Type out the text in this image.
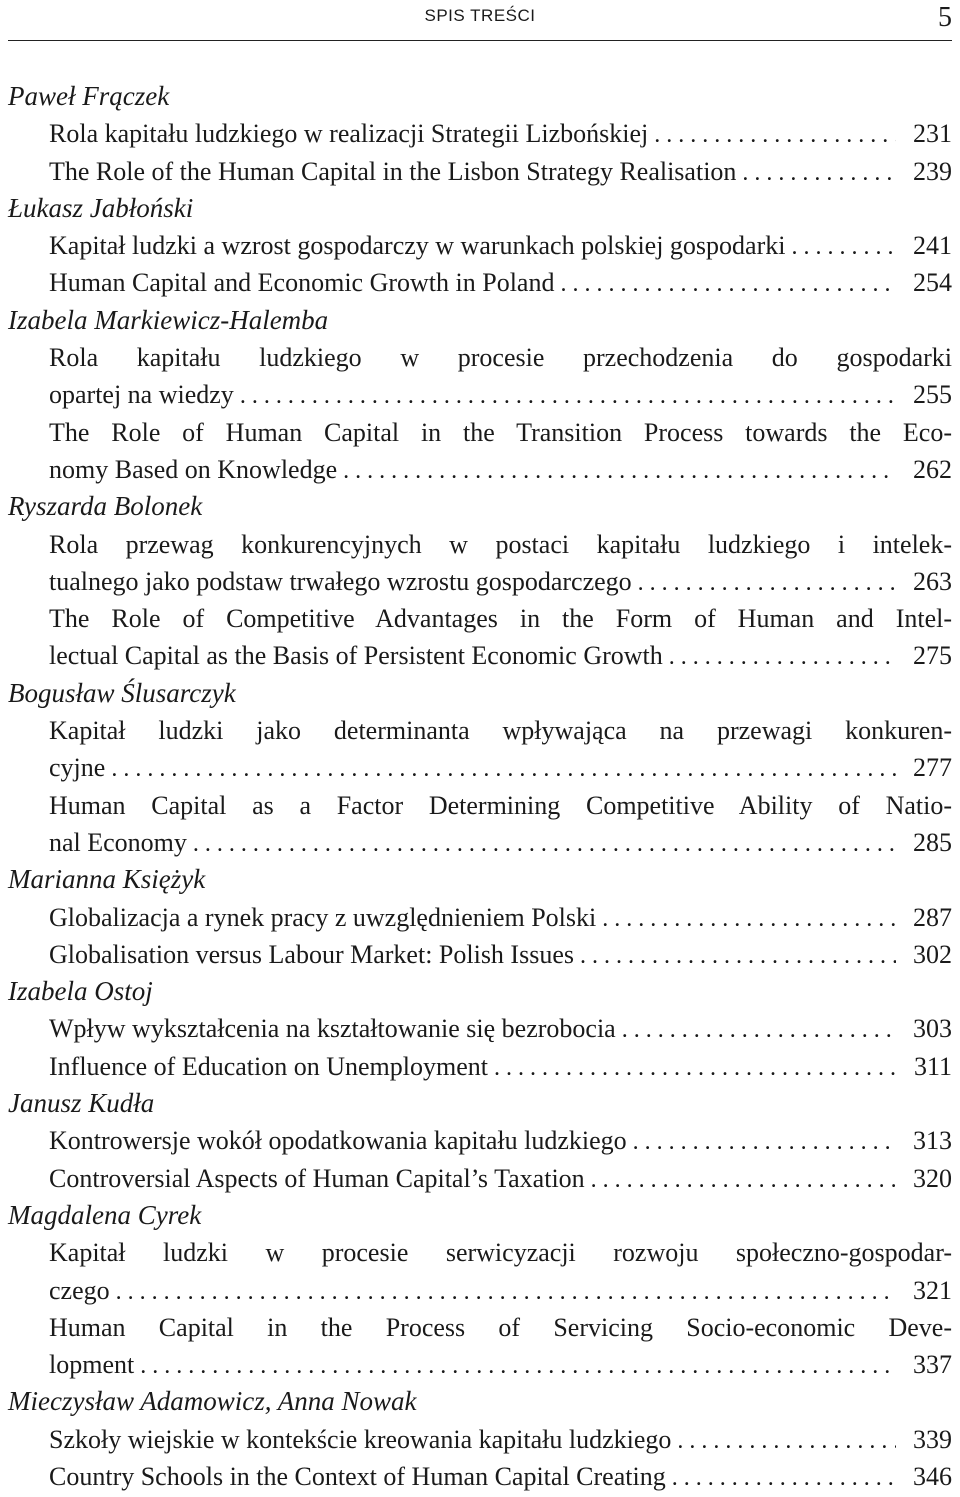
SPIS TREŚCI	5
Paweł Frączek
Rola kapitału ludzkiego w realizacji Strategii Lizbońskiej . . .	231
The Role of the Human Capital in the Lisbon Strategy Realisation . . .	239
Łukasz Jabłoński
Kapitał ludzki a wzrost gospodarczy w warunkach polskiej gospodarki . . .	241
Human Capital and Economic Growth in Poland . . .	254
Izabela Markiewicz-Halemba
Rola kapitału ludzkiego w procesie przechodzenia do gospodarki
opartej na wiedzy . . .	255
The Role of Human Capital in the Transition Process towards the Eco-
nomy Based on Knowledge . . .	262
Ryszarda Bolonek
Rola przewag konkurencyjnych w postaci kapitału ludzkiego i intelek-
tualnego jako podstaw trwałego wzrostu gospodarczego . . .	263
The Role of Competitive Advantages in the Form of Human and Intel-
lectual Capital as the Basis of Persistent Economic Growth . . .	275
Bogusław Ślusarczyk
Kapitał ludzki jako determinanta wpływająca na przewagi konkuren-
cyjne . . .	277
Human Capital as a Factor Determining Competitive Ability of Natio-
nal Economy . . .	285
Marianna Księżyk
Globalizacja a rynek pracy z uwzględnieniem Polski . . .	287
Globalisation versus Labour Market: Polish Issues . . .	302
Izabela Ostoj
Wpływ wykształcenia na kształtowanie się bezrobocia . . .	303
Influence of Education on Unemployment . . .	311
Janusz Kudła
Kontrowersje wokół opodatkowania kapitału ludzkiego . . .	313
Controversial Aspects of Human Capital’s Taxation . . .	320
Magdalena Cyrek
Kapitał ludzki w procesie serwicyzacji rozwoju społeczno-gospodar-
czego . . .	321
Human Capital in the Process of Servicing Socio-economic Deve-
lopment . . .	337
Mieczysław Adamowicz, Anna Nowak
Szkoły wiejskie w kontekście kreowania kapitału ludzkiego . . .	339
Country Schools in the Context of Human Capital Creating . . .	346
